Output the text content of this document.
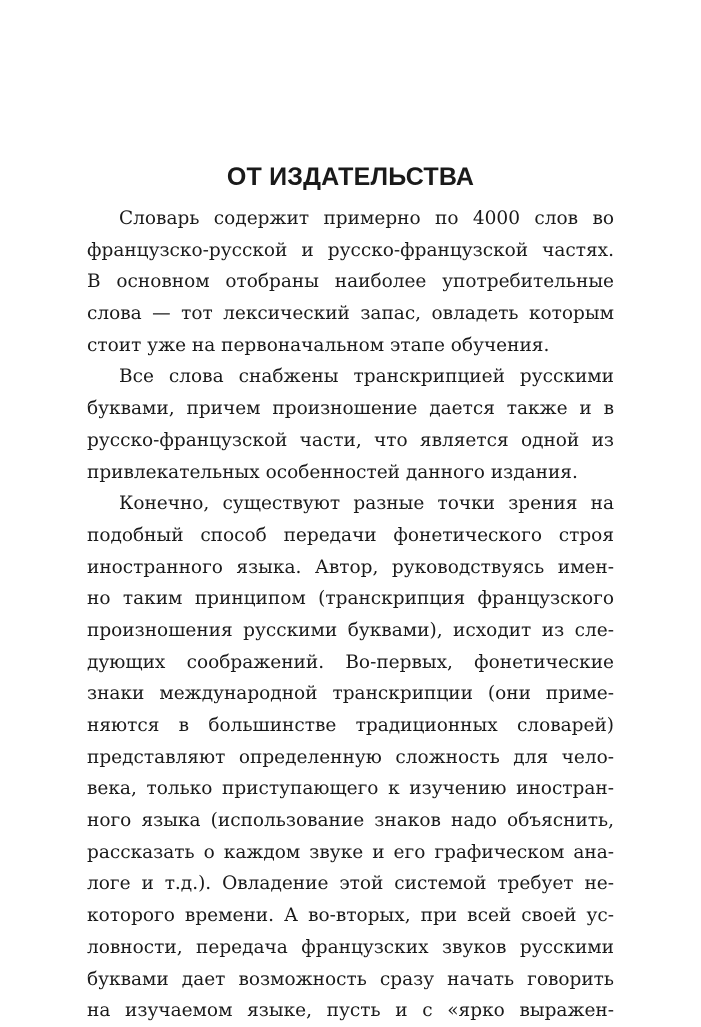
ОТ ИЗДАТЕЛЬСТВА
Словарь содержит примерно по 4000 слов во
французско-русской и русско-французской частях.
В основном отобраны наиболее употребительные
слова — тот лексический запас, овладеть которым
стоит уже на первоначальном этапе обучения.
Все слова снабжены транскрипцией русскими
буквами, причем произношение дается также и в
русско-французской части, что является одной из
привлекательных особенностей данного издания.
Конечно, существуют разные точки зрения на
подобный способ передачи фонетического строя
иностранного языка. Автор, руководствуясь имен-
но таким принципом (транскрипция французского
произношения русскими буквами), исходит из сле-
дующих соображений. Во-первых, фонетические
знаки международной транскрипции (они приме-
няются в большинстве традиционных словарей)
представляют определенную сложность для чело-
века, только приступающего к изучению иностран-
ного языка (использование знаков надо объяснить,
рассказать о каждом звуке и его графическом ана-
логе и т.д.). Овладение этой системой требует не-
которого времени. А во-вторых, при всей своей ус-
ловности, передача французских звуков русскими
буквами дает возможность сразу начать говорить
на изучаемом языке, пусть и с «ярко выражен-
